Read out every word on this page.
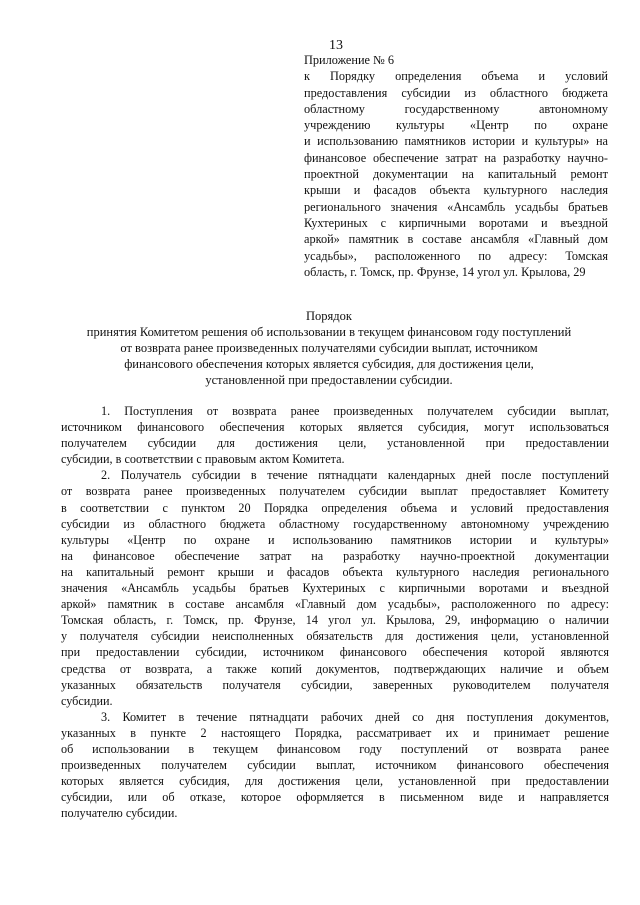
13
Приложение № 6
к Порядку определения объема и условий
предоставления субсидии из областного бюджета
областному государственному автономному
учреждению культуры «Центр по охране
и использованию памятников истории и культуры» на
финансовое обеспечение затрат на разработку научно-
проектной документации на капитальный ремонт
крыши и фасадов объекта культурного наследия
регионального значения «Ансамбль усадьбы братьев
Кухтериных с кирпичными воротами и въездной
аркой» памятник в составе ансамбля «Главный дом
усадьбы», расположенного по адресу: Томская
область, г. Томск, пр. Фрунзе, 14 угол ул. Крылова, 29
Порядок
принятия Комитетом решения об использовании в текущем финансовом году поступлений
от возврата ранее произведенных получателями субсидии выплат, источником
финансового обеспечения которых является субсидия, для достижения цели,
установленной при предоставлении субсидии.
1. Поступления от возврата ранее произведенных получателем субсидии выплат,
источником финансового обеспечения которых является субсидия, могут использоваться
получателем субсидии для достижения цели, установленной при предоставлении
субсидии, в соответствии с правовым актом Комитета.
2. Получатель субсидии в течение пятнадцати календарных дней после поступлений
от возврата ранее произведенных получателем субсидии выплат предоставляет Комитету
в соответствии с пунктом 20 Порядка определения объема и условий предоставления
субсидии из областного бюджета областному государственному автономному учреждению
культуры «Центр по охране и использованию памятников истории и культуры»
на финансовое обеспечение затрат на разработку научно-проектной документации
на капитальный ремонт крыши и фасадов объекта культурного наследия регионального
значения «Ансамбль усадьбы братьев Кухтериных с кирпичными воротами и въездной
аркой» памятник в составе ансамбля «Главный дом усадьбы», расположенного по адресу:
Томская область, г. Томск, пр. Фрунзе, 14 угол ул. Крылова, 29, информацию о наличии
у получателя субсидии неисполненных обязательств для достижения цели, установленной
при предоставлении субсидии, источником финансового обеспечения которой являются
средства от возврата, а также копий документов, подтверждающих наличие и объем
указанных обязательств получателя субсидии, заверенных руководителем получателя
субсидии.
3. Комитет в течение пятнадцати рабочих дней со дня поступления документов,
указанных в пункте 2 настоящего Порядка, рассматривает их и принимает решение
об использовании в текущем финансовом году поступлений от возврата ранее
произведенных получателем субсидии выплат, источником финансового обеспечения
которых является субсидия, для достижения цели, установленной при предоставлении
субсидии, или об отказе, которое оформляется в письменном виде и направляется
получателю субсидии.
